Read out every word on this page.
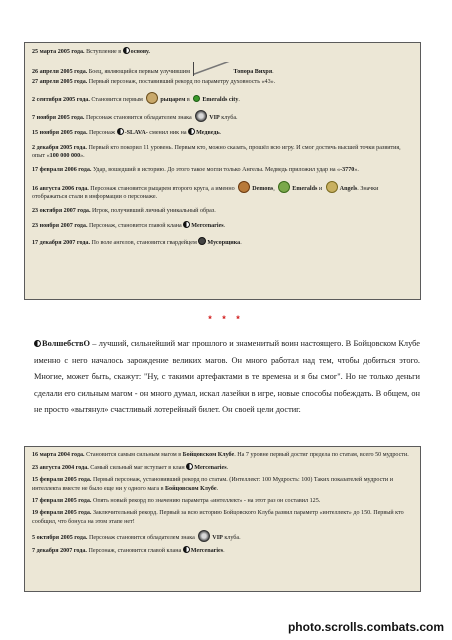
25 марта 2005 года. Вступление в основу.
26 апреля 2005 года. Боец, являющийся первым улучившим	Топора Вихря.
27 апреля 2005 года. Первый персонаж, поставивший рекорд по параметру духовность «43».
2 сентября 2005 года. Становится первым	рыцарем в Emeralds city.
7 ноября 2005 года. Персонаж становится обладателем знака	VIP клуба.
15 ноября 2005 года. Персонаж -SLAVA- сменил ник на Медведь.
2 декабря 2005 года. Первый кто покорил 11 уровень. Первым кто, можно сказать, прошёл всю игру. И смог достичь высшей точки развития, опыт «100 000 000».
17 февраля 2006 года. Удар, вошедший в историю. До этого такое могли только Ангелы. Медведь приложил удар на «-3770».
16 августа 2006 года. Персонаж становится рыцарем второго круга, а именно	Demons,	Emeralds и	Angels. Значки отображаться стали в информации о персонаже.
23 октября 2007 года. Игрок, получивший личный уникальный образ.
23 ноября 2007 года. Персонаж, становится главой клана Mercenaries.
17 декабря 2007 года. По воле ангелов, становится гвардейцем Мусорщика.
* * *
ВолшебствО – лучший, сильнейший маг прошлого и знаменитый воин настоящего. В Бойцовском Клубе именно с него началось зарождение великих магов. Он много работал над тем, чтобы добиться этого. Многие, может быть, скажут: "Ну, с такими артефактами в те времена и я бы смог". Но не только деньги сделали его сильным магом - он много думал, искал лазейки в игре, новые способы побеждать. В общем, он не просто «вытянул» счастливый лотерейный билет. Он своей цели достиг.
16 марта 2004 года. Становится самым сильным магом в Бойцовском Клубе. На 7 уровне первый достиг предела по статам, всего 50 мудрости.
23 августа 2004 года. Самый сильный маг вступает в клан Mercenaries.
15 февраля 2005 года. Первый персонаж, установивший рекорд по статам. (Интеллект: 100 Мудрость: 100) Таких показателей мудрости и интеллекта вместе не было еще ни у одного мага в Бойцовском Клубе.
17 февраля 2005 года. Опять новый рекорд по значению параметра «интеллект» - на этот раз он составил 125.
19 февраля 2005 года. Заключительный рекорд. Первый за всю историю Бойцовского Клуба развил параметр «интеллект» до 150. Первый кто сообщил, что бонуса на этом этапе нет!
5 октября 2005 года. Персонаж становится обладателем знака	VIP клуба.
7 декабря 2007 года. Персонаж, становится главой клана Mercenaries.
photo.scrolls.combats.com
